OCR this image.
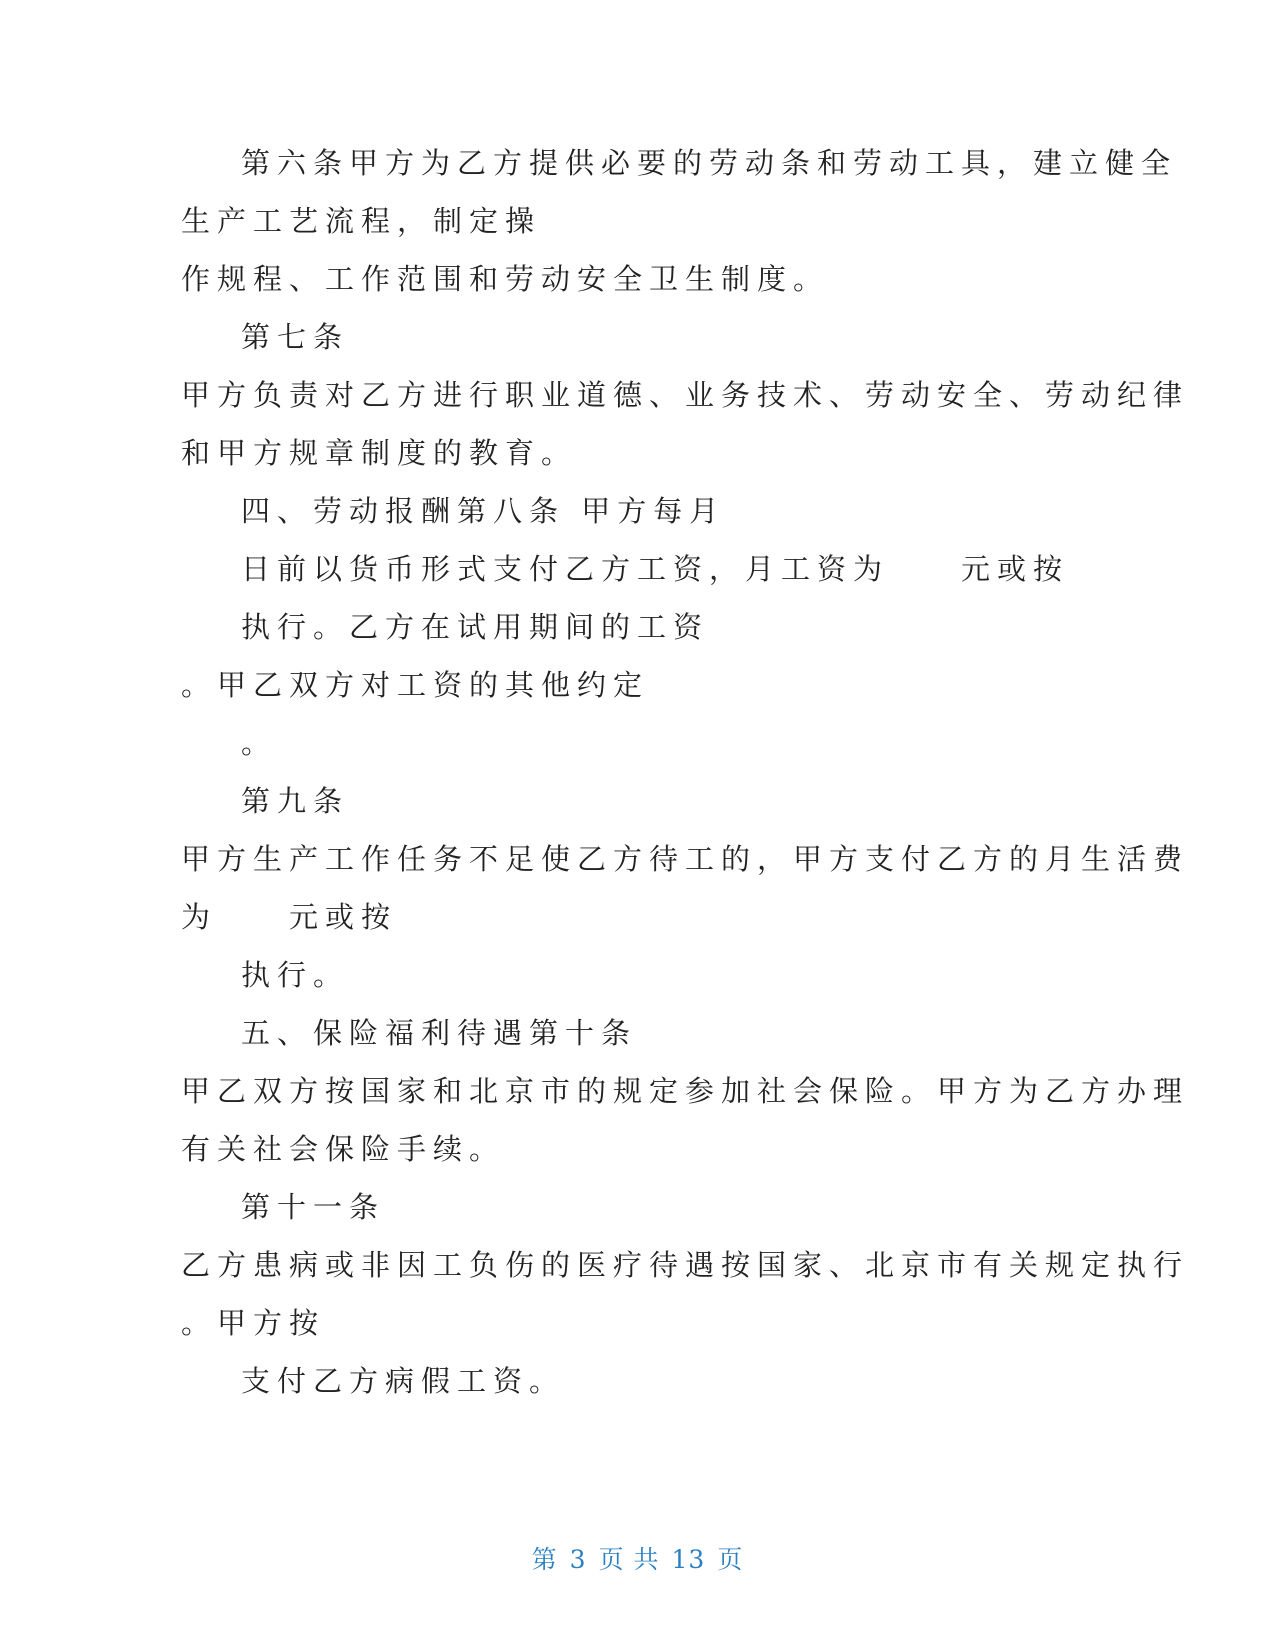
第六条甲方为乙方提供必要的劳动条和劳动工具，建立健全
生产工艺流程，制定操
作规程、工作范围和劳动安全卫生制度。
第七条
甲方负责对乙方进行职业道德、业务技术、劳动安全、劳动纪律
和甲方规章制度的教育。
四、劳动报酬第八条 甲方每月
日前以货币形式支付乙方工资，月工资为　　元或按
执行。乙方在试用期间的工资
。甲乙双方对工资的其他约定
。
第九条
甲方生产工作任务不足使乙方待工的，甲方支付乙方的月生活费
为　　元或按
执行。
五、保险福利待遇第十条
甲乙双方按国家和北京市的规定参加社会保险。甲方为乙方办理
有关社会保险手续。
第十一条
乙方患病或非因工负伤的医疗待遇按国家、北京市有关规定执行
。甲方按
支付乙方病假工资。
第 3 页 共 13 页
